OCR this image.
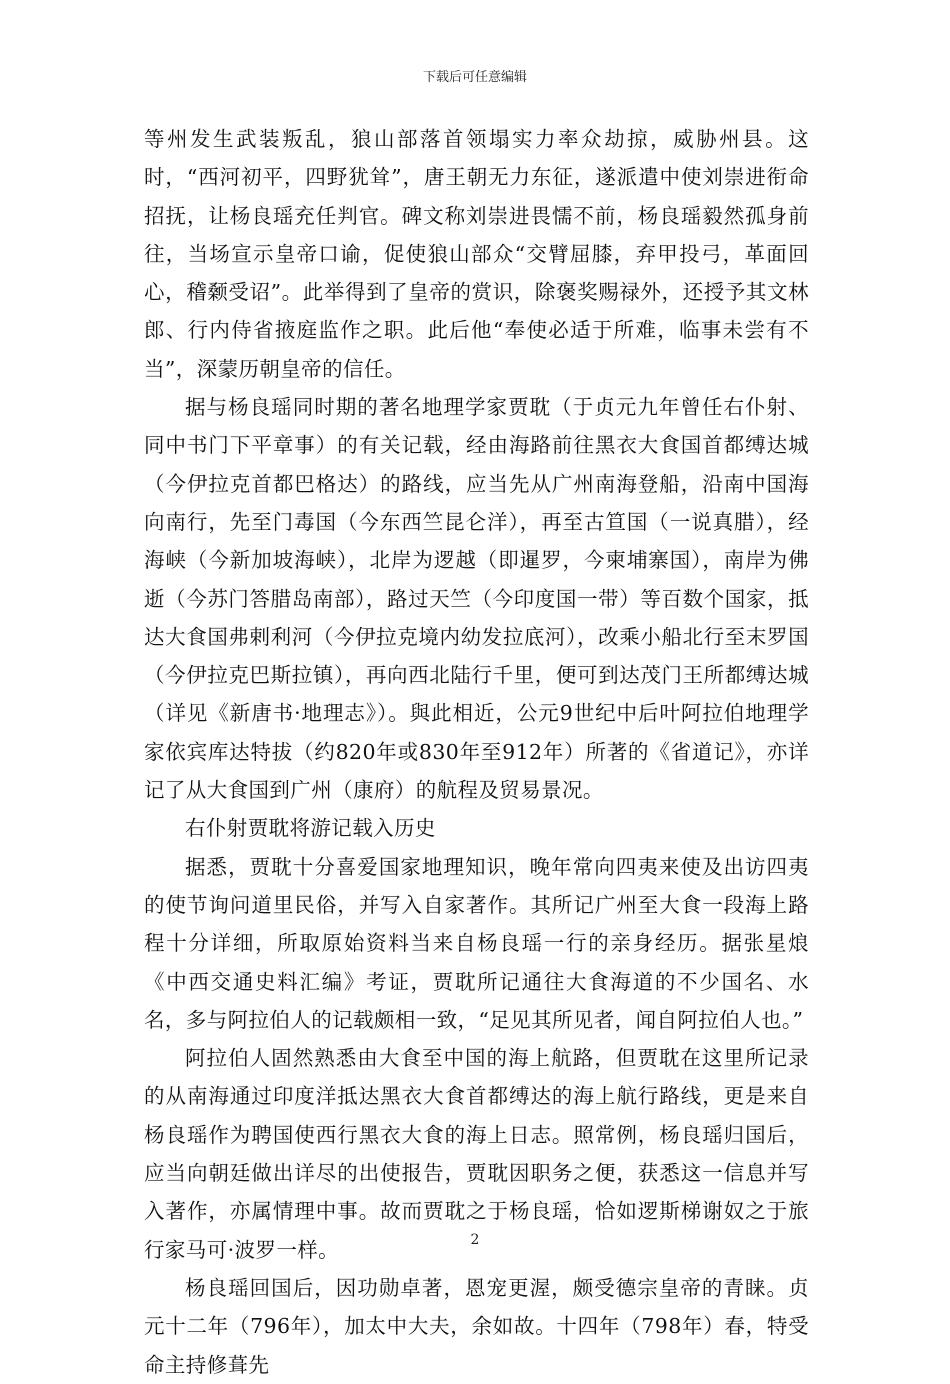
下载后可任意编辑

等州发生武装叛乱，狼山部落首领塌实力率众劫掠，威胁州县。这时，“西河初平，四野犹耸”，唐王朝无力东征，遂派遣中使刘崇进衔命招抚，让杨良瑶充任判官。碑文称刘崇进畏懦不前，杨良瑶毅然孤身前往，当场宣示皇帝口谕，促使狼山部众“交臂屈膝，弃甲投弓，革面回心，稽颡受诏”。此举得到了皇帝的赏识，除褒奖赐禄外，还授予其文林郎、行内侍省掖庭监作之职。此后他“奉使必适于所难，临事未尝有不当”，深蒙历朝皇帝的信任。

据与杨良瑶同时期的著名地理学家贾耽（于贞元九年曾任右仆射、同中书门下平章事）的有关记载，经由海路前往黑衣大食国首都缚达城（今伊拉克首都巴格达）的路线，应当先从广州南海登船，沿南中国海向南行，先至门毒国（今东西竺昆仑洋），再至古笪国（一说真腊），经海峡（今新加坡海峡），北岸为逻越（即暹罗，今柬埔寨国），南岸为佛逝（今苏门答腊岛南部），路过天竺（今印度国一带）等百数个国家，抵达大食国弗剌利河（今伊拉克境内幼发拉底河），改乘小船北行至末罗国（今伊拉克巴斯拉镇），再向西北陆行千里，便可到达茂门王所都缚达城（详见《新唐书·地理志》）。與此相近，公元9世纪中后叶阿拉伯地理学家依宾库达特拔（约820年或830年至912年）所著的《省道记》，亦详记了从大食国到广州（康府）的航程及贸易景况。

右仆射贾耽将游记载入历史

据悉，贾耽十分喜爱国家地理知识，晚年常向四夷来使及出访四夷的使节询问道里民俗，并写入自家著作。其所记广州至大食一段海上路程十分详细，所取原始资料当来自杨良瑶一行的亲身经历。据张星烺《中西交通史料汇编》考证，贾耽所记通往大食海道的不少国名、水名，多与阿拉伯人的记载颇相一致，“足见其所见者，闻自阿拉伯人也。”

阿拉伯人固然熟悉由大食至中国的海上航路，但贾耽在这里所记录的从南海通过印度洋抵达黑衣大食首都缚达的海上航行路线，更是来自杨良瑶作为聘国使西行黑衣大食的海上日志。照常例，杨良瑶归国后，应当向朝廷做出详尽的出使报告，贾耽因职务之便，获悉这一信息并写入著作，亦属情理中事。故而贾耽之于杨良瑶，恰如逻斯梯谢奴之于旅行家马可·波罗一样。

杨良瑶回国后，因功勋卓著，恩宠更渥，颇受德宗皇帝的青睐。贞元十二年（796年），加太中大夫，余如故。十四年（798年）春，特受命主持修葺先

2
